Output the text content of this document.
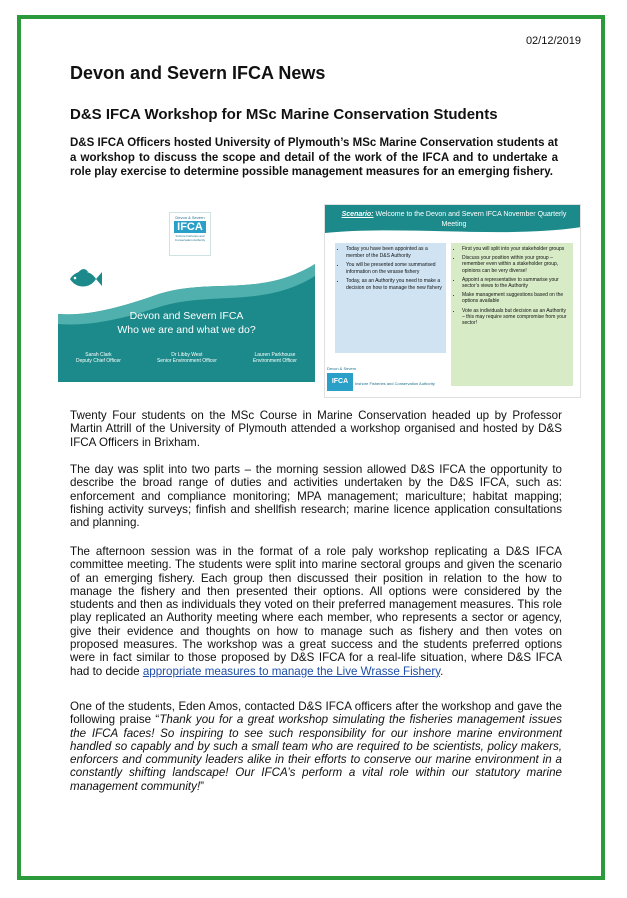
02/12/2019
Devon and Severn IFCA News
D&S IFCA Workshop for MSc Marine Conservation Students
D&S IFCA Officers hosted University of Plymouth’s MSc Marine Conservation students at a workshop to discuss the scope and detail of the work of the IFCA and to undertake a role play exercise to determine possible management measures for an emerging fishery.
Devon & Severn
IFCA
Inshore Fisheries and Conservation Authority
Devon and Severn IFCA
Who we are and what we do?
Sarah Clark
Deputy Chief Officer
Dr Libby West
Senior Environment Officer
Lauren Parkhouse
Environment Officer
Scenario: Welcome to the Devon and Severn IFCA November Quarterly Meeting
• Today you have been appointed as a member of the D&S Authority
• You will be presented some summarised information on the wrasse fishery
• Today, as an Authority you need to make a decision on how to manage the new fishery
• First you will split into your stakeholder groups
• Discuss your position within your group – remember even within a stakeholder group, opinions can be very diverse!
• Appoint a representative to summarise your sector’s views to the Authority
• Make management suggestions based on the options available
• Vote as individuals but decision as an Authority – this may require some compromise from your sector!
Devon & Severn
IFCA	Inshore Fisheries and Conservation Authority
Twenty Four students on the MSc Course in Marine Conservation headed up by Professor Martin Attrill of the University of Plymouth attended a workshop organised and hosted by D&S IFCA Officers in Brixham.
The day was split into two parts – the morning session allowed D&S IFCA the opportunity to describe the broad range of duties and activities undertaken by the D&S IFCA, such as: enforcement and compliance monitoring; MPA management; mariculture; habitat mapping; fishing activity surveys; finfish and shellfish research; marine licence application consultations and planning.
The afternoon session was in the format of a role paly workshop replicating a D&S IFCA committee meeting. The students were split into marine sectoral groups and given the scenario of an emerging fishery. Each group then discussed their position in relation to the how to manage the fishery and then presented their options. All options were considered by the students and then as individuals they voted on their preferred management measures. This role play replicated an Authority meeting where each member, who represents a sector or agency, give their evidence and thoughts on how to manage such as fishery and then votes on proposed measures. The workshop was a great success and the students preferred options were in fact similar to those proposed by D&S IFCA for a real-life situation, where D&S IFCA had to decide appropriate measures to manage the Live Wrasse Fishery.
One of the students, Eden Amos, contacted D&S IFCA officers after the workshop and gave the following praise “Thank you for a great workshop simulating the fisheries management issues the IFCA faces! So inspiring to see such responsibility for our inshore marine environment handled so capably and by such a small team who are required to be scientists, policy makers, enforcers and community leaders alike in their efforts to conserve our marine environment in a constantly shifting landscape! Our IFCA’s perform a vital role within our statutory marine management community!”
